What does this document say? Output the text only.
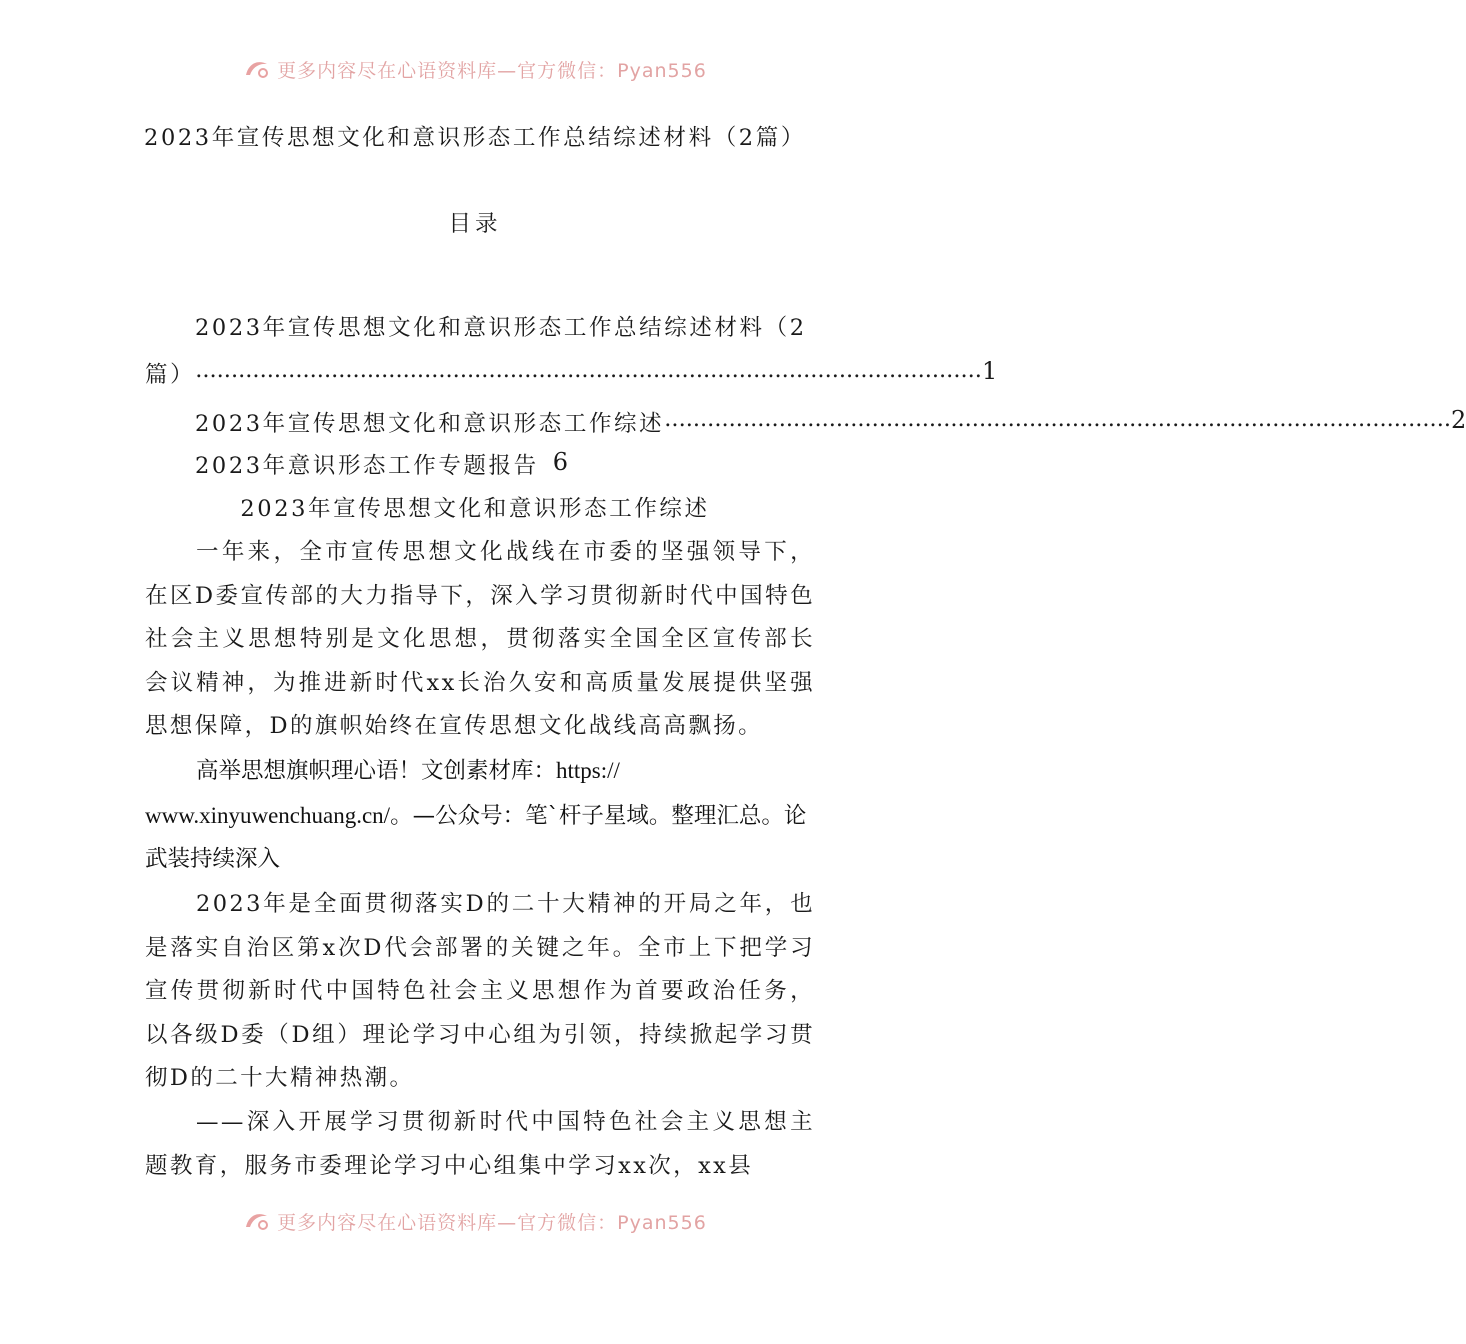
更多内容尽在心语资料库—官方微信：Pyan556
2023年宣传思想文化和意识形态工作总结综述材料（2篇）
目录
2023年宣传思想文化和意识形态工作总结综述材料（2
篇） .............................................................................................................. 1
2023年宣传思想文化和意识形态工作综述 .............................................................................................................. 2
2023年意识形态工作专题报告 6
2023年宣传思想文化和意识形态工作综述
一年来，全市宣传思想文化战线在市委的坚强领导下，在区D委宣传部的大力指导下，深入学习贯彻新时代中国特色社会主义思想特别是文化思想，贯彻落实全国全区宣传部长会议精神，为推进新时代xx长治久安和高质量发展提供坚强思想保障，D的旗帜始终在宣传思想文化战线高高飘扬。
高举思想旗帜理心语！文创素材库：https:// www.xinyuwenchuang.cn/。—公众号：笔`杆子星域。整理汇总。论武装持续深入
2023年是全面贯彻落实D的二十大精神的开局之年，也是落实自治区第x次D代会部署的关键之年。全市上下把学习宣传贯彻新时代中国特色社会主义思想作为首要政治任务，以各级D委（D组）理论学习中心组为引领，持续掀起学习贯彻D的二十大精神热潮。
——深入开展学习贯彻新时代中国特色社会主义思想主题教育，服务市委理论学习中心组集中学习xx次，xx县
更多内容尽在心语资料库—官方微信：Pyan556
